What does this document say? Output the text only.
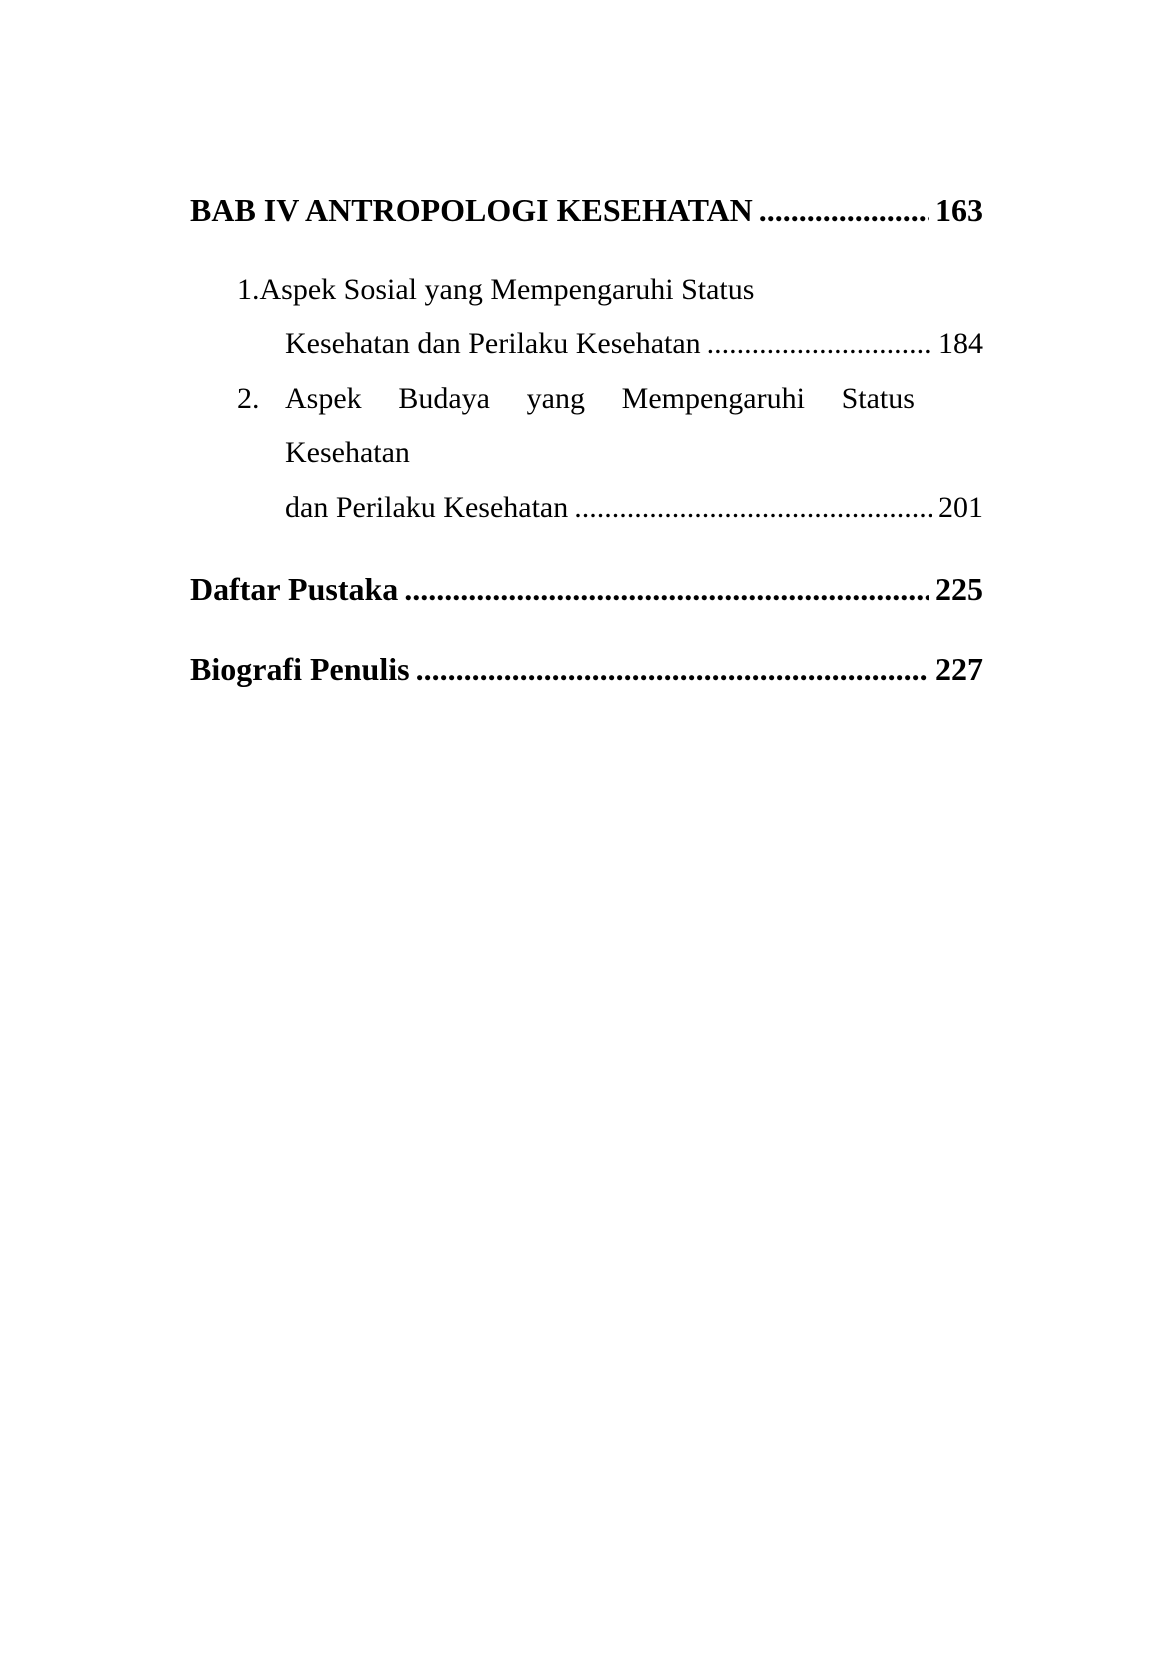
BAB IV ANTROPOLOGI KESEHATAN .....	163
1.Aspek Sosial yang Mempengaruhi Status
Kesehatan dan Perilaku Kesehatan .....	184
2. Aspek Budaya yang Mempengaruhi Status
Kesehatan
dan Perilaku Kesehatan .....	201
Daftar Pustaka .....	225
Biografi Penulis .....	227
